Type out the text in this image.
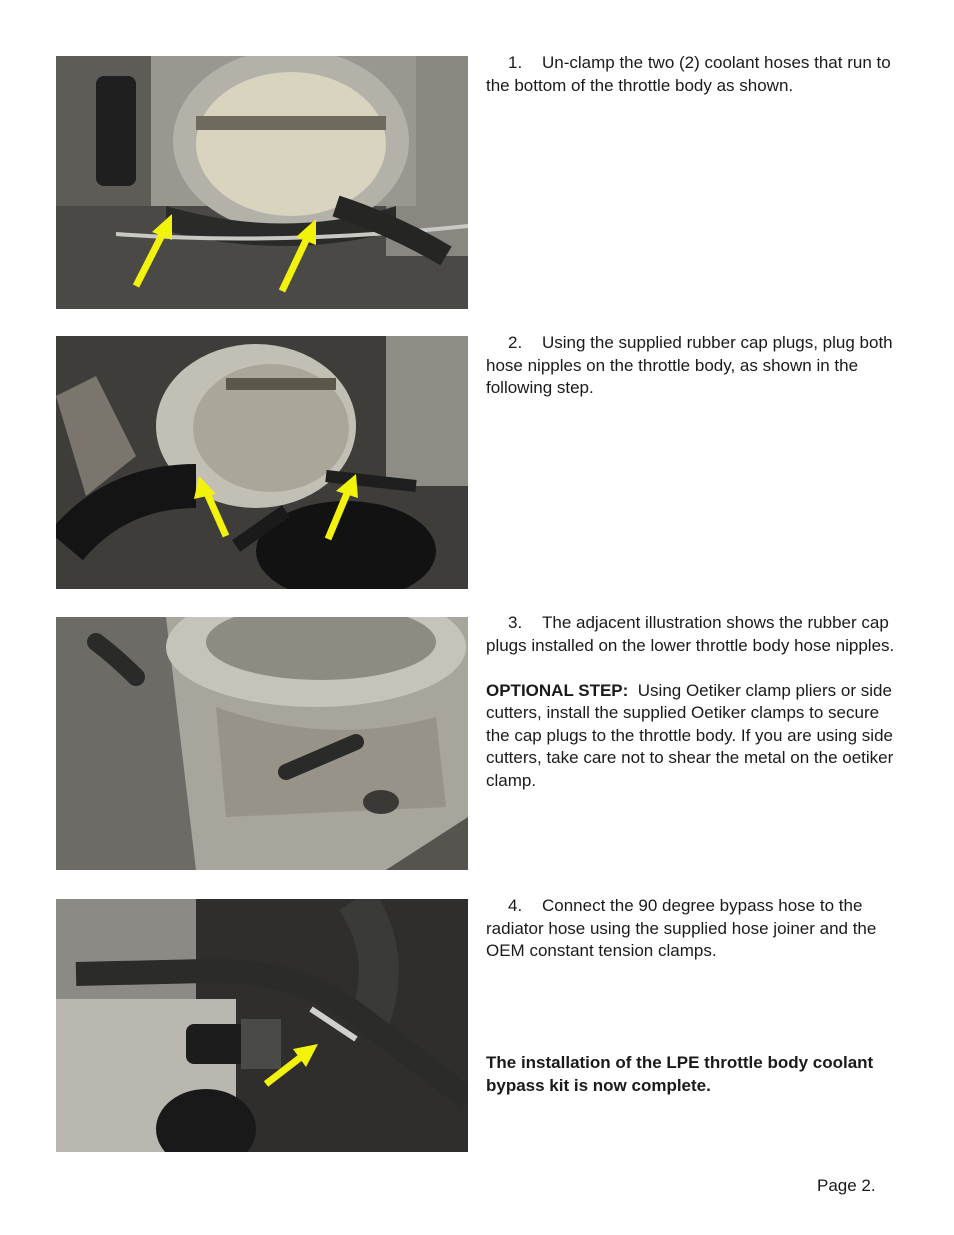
1. Un-clamp the two (2) coolant hoses that run to the bottom of the throttle body as shown.
2. Using the supplied rubber cap plugs, plug both hose nipples on the throttle body, as shown in the following step.
3. The adjacent illustration shows the rubber cap plugs installed on the lower throttle body hose nipples.
OPTIONAL STEP: Using Oetiker clamp pliers or side cutters, install the supplied Oetiker clamps to secure the cap plugs to the throttle body. If you are using side cutters, take care not to shear the metal on the oetiker clamp.
4. Connect the 90 degree bypass hose to the radiator hose using the supplied hose joiner and the OEM constant tension clamps.
The installation of the LPE throttle body coolant bypass kit is now complete.
Page 2.
